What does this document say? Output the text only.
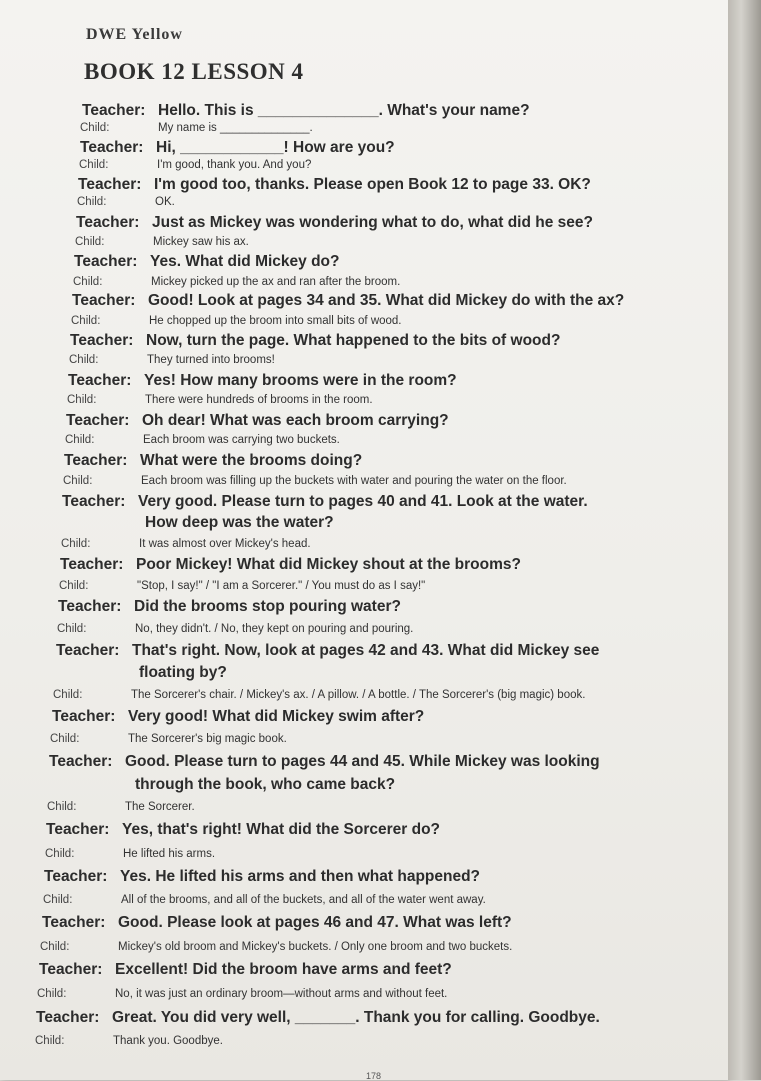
DWE Yellow
BOOK 12 LESSON 4
Teacher: Hello. This is ______________. What's your name?
Child:	My name is ______________.
Teacher: Hi, ____________! How are you?
Child:	I'm good, thank you. And you?
Teacher: I'm good too, thanks. Please open Book 12 to page 33. OK?
Child:	OK.
Teacher: Just as Mickey was wondering what to do, what did he see?
Child:	Mickey saw his ax.
Teacher: Yes. What did Mickey do?
Child:	Mickey picked up the ax and ran after the broom.
Teacher: Good! Look at pages 34 and 35. What did Mickey do with the ax?
Child:	He chopped up the broom into small bits of wood.
Teacher: Now, turn the page. What happened to the bits of wood?
Child:	They turned into brooms!
Teacher: Yes! How many brooms were in the room?
Child:	There were hundreds of brooms in the room.
Teacher: Oh dear! What was each broom carrying?
Child:	Each broom was carrying two buckets.
Teacher: What were the brooms doing?
Child:	Each broom was filling up the buckets with water and pouring the water on the floor.
Teacher: Very good. Please turn to pages 40 and 41. Look at the water.
How deep was the water?
Child:	It was almost over Mickey's head.
Teacher: Poor Mickey! What did Mickey shout at the brooms?
Child:	"Stop, I say!" / "I am a Sorcerer." / You must do as I say!"
Teacher: Did the brooms stop pouring water?
Child:	No, they didn't. / No, they kept on pouring and pouring.
Teacher: That's right. Now, look at pages 42 and 43. What did Mickey see
floating by?
Child:	The Sorcerer's chair. / Mickey's ax. / A pillow. / A bottle. / The Sorcerer's (big magic) book.
Teacher: Very good! What did Mickey swim after?
Child:	The Sorcerer's big magic book.
Teacher: Good. Please turn to pages 44 and 45. While Mickey was looking
through the book, who came back?
Child:	The Sorcerer.
Teacher: Yes, that's right! What did the Sorcerer do?
Child:	He lifted his arms.
Teacher: Yes. He lifted his arms and then what happened?
Child:	All of the brooms, and all of the buckets, and all of the water went away.
Teacher: Good. Please look at pages 46 and 47. What was left?
Child:	Mickey's old broom and Mickey's buckets. / Only one broom and two buckets.
Teacher: Excellent! Did the broom have arms and feet?
Child:	No, it was just an ordinary broom—without arms and without feet.
Teacher: Great. You did very well, _______. Thank you for calling. Goodbye.
Child:	Thank you. Goodbye.
178
